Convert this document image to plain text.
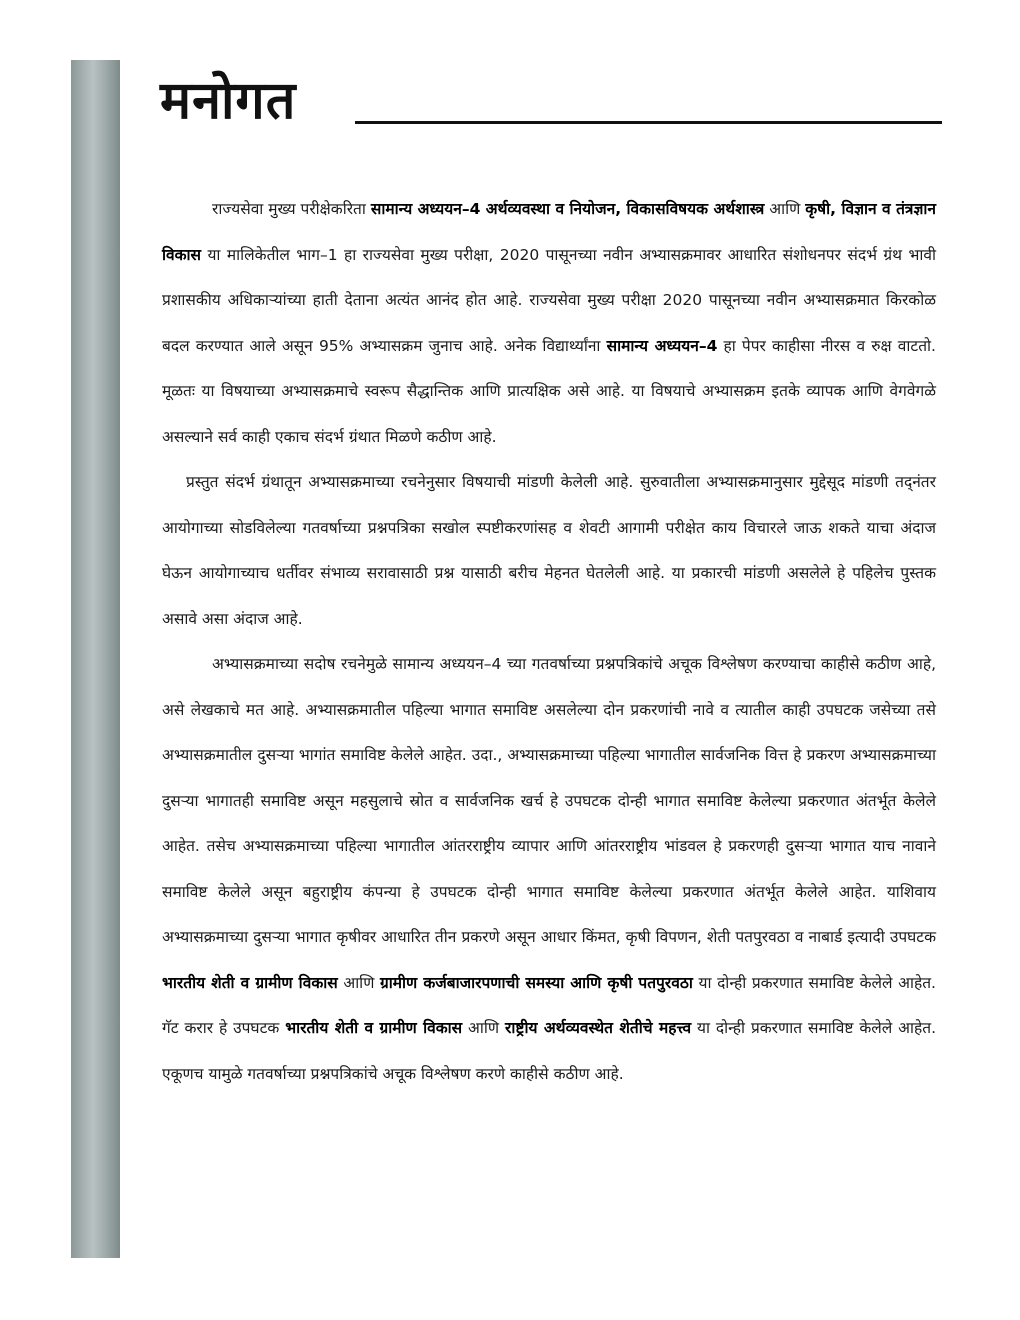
मनोगत

राज्यसेवा मुख्य परीक्षेकरिता सामान्य अध्ययन–4 अर्थव्यवस्था व नियोजन, विकासविषयक अर्थशास्त्र आणि कृषी, विज्ञान व तंत्रज्ञान विकास या मालिकेतील भाग–1 हा राज्यसेवा मुख्य परीक्षा, 2020 पासूनच्या नवीन अभ्यासक्रमावर आधारित संशोधनपर संदर्भ ग्रंथ भावी प्रशासकीय अधिकाऱ्यांच्या हाती देताना अत्यंत आनंद होत आहे. राज्यसेवा मुख्य परीक्षा 2020 पासूनच्या नवीन अभ्यासक्रमात किरकोळ बदल करण्यात आले असून 95% अभ्यासक्रम जुनाच आहे. अनेक विद्यार्थ्यांना सामान्य अध्ययन–4 हा पेपर काहीसा नीरस व रुक्ष वाटतो. मूळतः या विषयाच्या अभ्यासक्रमाचे स्वरूप सैद्धान्तिक आणि प्रात्यक्षिक असे आहे. या विषयाचे अभ्यासक्रम इतके व्यापक आणि वेगवेगळे असल्याने सर्व काही एकाच संदर्भ ग्रंथात मिळणे कठीण आहे.

प्रस्तुत संदर्भ ग्रंथातून अभ्यासक्रमाच्या रचनेनुसार विषयाची मांडणी केलेली आहे. सुरुवातीला अभ्यासक्रमानुसार मुद्देसूद मांडणी तद्नंतर आयोगाच्या सोडविलेल्या गतवर्षाच्या प्रश्नपत्रिका सखोल स्पष्टीकरणांसह व शेवटी आगामी परीक्षेत काय विचारले जाऊ शकते याचा अंदाज घेऊन आयोगाच्याच धर्तीवर संभाव्य सरावासाठी प्रश्न यासाठी बरीच मेहनत घेतलेली आहे. या प्रकारची मांडणी असलेले हे पहिलेच पुस्तक असावे असा अंदाज आहे.

अभ्यासक्रमाच्या सदोष रचनेमुळे सामान्य अध्ययन–4 च्या गतवर्षाच्या प्रश्नपत्रिकांचे अचूक विश्लेषण करण्याचा काहीसे कठीण आहे, असे लेखकाचे मत आहे. अभ्यासक्रमातील पहिल्या भागात समाविष्ट असलेल्या दोन प्रकरणांची नावे व त्यातील काही उपघटक जसेच्या तसे अभ्यासक्रमातील दुसऱ्या भागांत समाविष्ट केलेले आहेत. उदा., अभ्यासक्रमाच्या पहिल्या भागातील सार्वजनिक वित्त हे प्रकरण अभ्यासक्रमाच्या दुसऱ्या भागातही समाविष्ट असून महसुलाचे स्रोत व सार्वजनिक खर्च हे उपघटक दोन्ही भागात समाविष्ट केलेल्या प्रकरणात अंतर्भूत केलेले आहेत. तसेच अभ्यासक्रमाच्या पहिल्या भागातील आंतरराष्ट्रीय व्यापार आणि आंतरराष्ट्रीय भांडवल हे प्रकरणही दुसऱ्या भागात याच नावाने समाविष्ट केलेले असून बहुराष्ट्रीय कंपन्या हे उपघटक दोन्ही भागात समाविष्ट केलेल्या प्रकरणात अंतर्भूत केलेले आहेत. याशिवाय अभ्यासक्रमाच्या दुसऱ्या भागात कृषीवर आधारित तीन प्रकरणे असून आधार किंमत, कृषी विपणन, शेती पतपुरवठा व नाबार्ड इत्यादी उपघटक भारतीय शेती व ग्रामीण विकास आणि ग्रामीण कर्जबाजारपणाची समस्या आणि कृषी पतपुरवठा या दोन्ही प्रकरणात समाविष्ट केलेले आहेत. गॅट करार हे उपघटक भारतीय शेती व ग्रामीण विकास आणि राष्ट्रीय अर्थव्यवस्थेत शेतीचे महत्त्व या दोन्ही प्रकरणात समाविष्ट केलेले आहेत. एकूणच यामुळे गतवर्षाच्या प्रश्नपत्रिकांचे अचूक विश्लेषण करणे काहीसे कठीण आहे.
